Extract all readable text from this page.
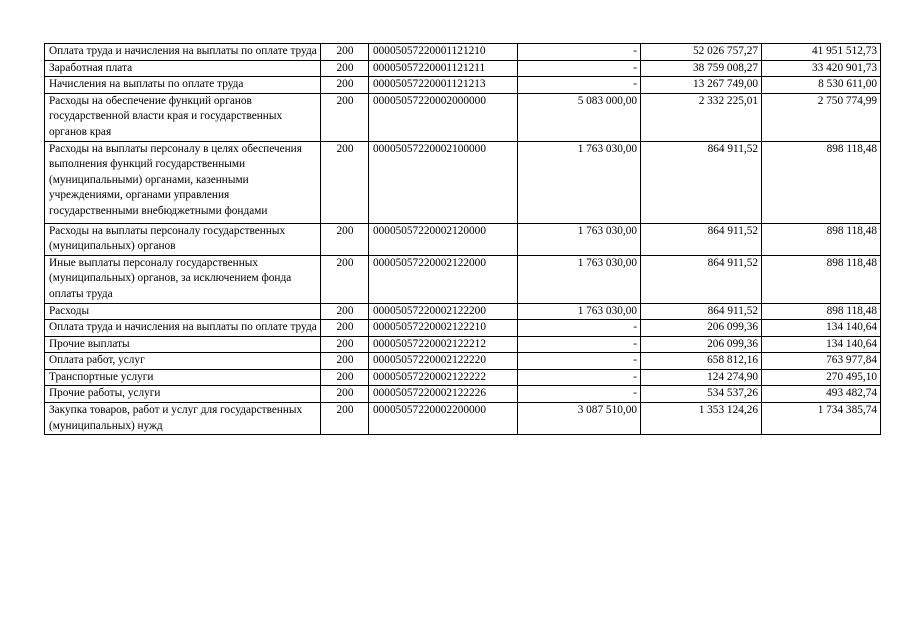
Оплата труда и начисления на выплаты по оплате труда	200	00005057220001121210	-	52 026 757,27	41 951 512,73
Заработная плата	200	00005057220001121211	-	38 759 008,27	33 420 901,73
Начисления на выплаты по оплате труда	200	00005057220001121213	-	13 267 749,00	8 530 611,00
Расходы на обеспечение функций органов государственной власти края и государственных органов края	200	00005057220002000000	5 083 000,00	2 332 225,01	2 750 774,99
Расходы на выплаты персоналу в целях обеспечения выполнения функций государственными (муниципальными) органами, казенными учреждениями, органами управления государственными внебюджетными фондами	200	00005057220002100000	1 763 030,00	864 911,52	898 118,48
Расходы на выплаты персоналу государственных (муниципальных) органов	200	00005057220002120000	1 763 030,00	864 911,52	898 118,48
Иные выплаты персоналу государственных (муниципальных) органов, за исключением фонда оплаты труда	200	00005057220002122000	1 763 030,00	864 911,52	898 118,48
Расходы	200	00005057220002122200	1 763 030,00	864 911,52	898 118,48
Оплата труда и начисления на выплаты по оплате труда	200	00005057220002122210	-	206 099,36	134 140,64
Прочие выплаты	200	00005057220002122212	-	206 099,36	134 140,64
Оплата работ, услуг	200	00005057220002122220	-	658 812,16	763 977,84
Транспортные услуги	200	00005057220002122222	-	124 274,90	270 495,10
Прочие работы, услуги	200	00005057220002122226	-	534 537,26	493 482,74
Закупка товаров, работ и услуг для государственных (муниципальных) нужд	200	00005057220002200000	3 087 510,00	1 353 124,26	1 734 385,74
